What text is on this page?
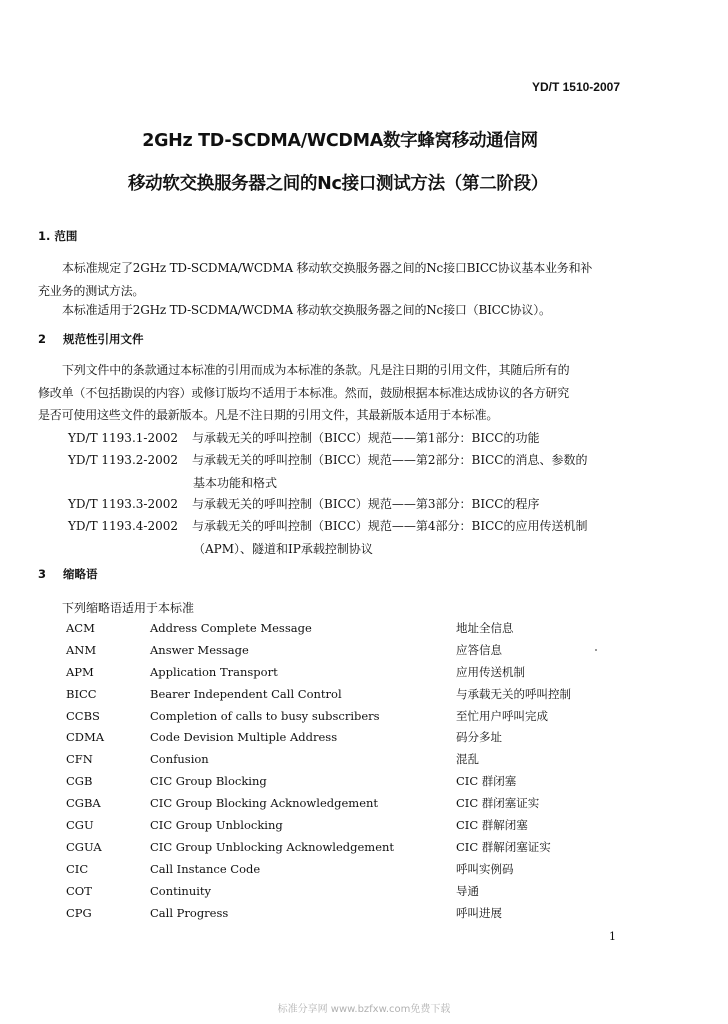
YD/T 1510-2007
2GHz TD-SCDMA/WCDMA数字蜂窝移动通信网
移动软交换服务器之间的Nc接口测试方法（第二阶段）
1. 范围
本标准规定了2GHz TD-SCDMA/WCDMA 移动软交换服务器之间的Nc接口BICC协议基本业务和补
充业务的测试方法。
本标准适用于2GHz TD-SCDMA/WCDMA 移动软交换服务器之间的Nc接口（BICC协议）。
2 规范性引用文件
下列文件中的条款通过本标准的引用而成为本标准的条款。凡是注日期的引用文件，其随后所有的
修改单（不包括勘误的内容）或修订版均不适用于本标准。然而，鼓励根据本标准达成协议的各方研究
是否可使用这些文件的最新版本。凡是不注日期的引用文件，其最新版本适用于本标准。
YD/T 1193.1-2002 与承载无关的呼叫控制（BICC）规范——第1部分：BICC的功能
YD/T 1193.2-2002 与承载无关的呼叫控制（BICC）规范——第2部分：BICC的消息、参数的
基本功能和格式
YD/T 1193.3-2002 与承载无关的呼叫控制（BICC）规范——第3部分：BICC的程序
YD/T 1193.4-2002 与承载无关的呼叫控制（BICC）规范——第4部分：BICC的应用传送机制
（APM）、隧道和IP承载控制协议
3 缩略语
下列缩略语适用于本标准
ACM	Address Complete Message	地址全信息
ANM	Answer Message	应答信息
APM	Application Transport	应用传送机制
BICC	Bearer Independent Call Control	与承载无关的呼叫控制
CCBS	Completion of calls to busy subscribers	至忙用户呼叫完成
CDMA	Code Devision Multiple Address	码分多址
CFN	Confusion	混乱
CGB	CIC Group Blocking	CIC 群闭塞
CGBA	CIC Group Blocking Acknowledgement	CIC 群闭塞证实
CGU	CIC Group Unblocking	CIC 群解闭塞
CGUA	CIC Group Unblocking Acknowledgement	CIC 群解闭塞证实
CIC	Call Instance Code	呼叫实例码
COT	Continuity	导通
CPG	Call Progress	呼叫进展
1
标准分享网 www.bzfxw.com免费下载
